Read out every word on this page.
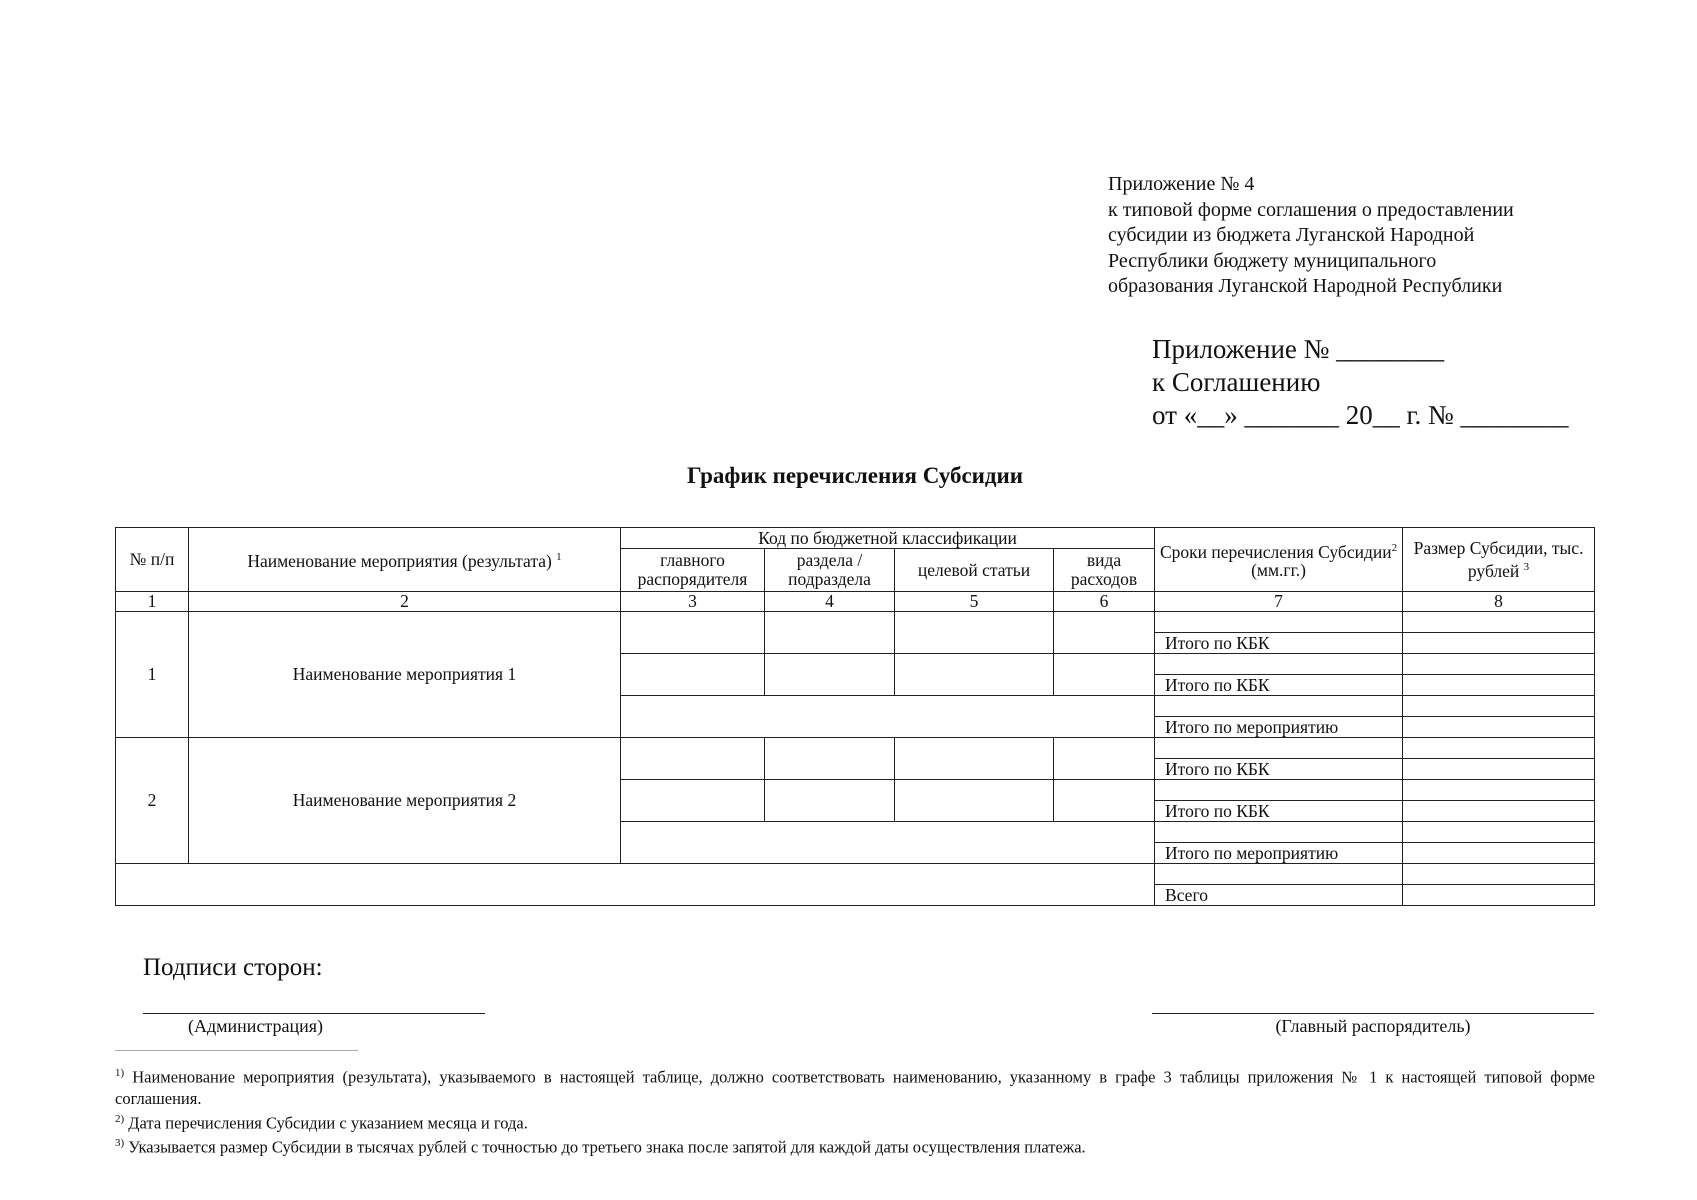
Приложение № 4
к типовой форме соглашения о предоставлении
субсидии из бюджета Луганской Народной
Республики бюджету муниципального
образования Луганской Народной Республики
Приложение № ________
к Соглашению
от «__» _______ 20__ г. № ________
График перечисления Субсидии
№ п/п	Наименование мероприятия (результата) $^1$	Код по бюджетной классификации				Сроки перечисления Субсидии$^2$ (мм.гг.)	Размер Субсидии, тыс. рублей $^3$
		главного распорядителя	раздела / подраздела	целевой статьи	вида расходов		
1	2	3	4	5	6	7	8
1	Наименование мероприятия 1						
						Итого по КБК	

						Итого по КБК	

						Итого по мероприятию	
2	Наименование мероприятия 2						
						Итого по КБК	

						Итого по КБК	

						Итого по мероприятию	

						Всего	
Подписи сторон:
(Администрация)	(Главный распорядитель)

$^{1)}$ Наименование мероприятия (результата), указываемого в настоящей таблице, должно соответствовать наименованию, указанному в графе 3 таблицы приложения № 1 к настоящей типовой форме соглашения.

$^{2)}$ Дата перечисления Субсидии с указанием месяца и года.

$^{3)}$ Указывается размер Субсидии в тысячах рублей с точностью до третьего знака после запятой для каждой даты осуществления платежа.
